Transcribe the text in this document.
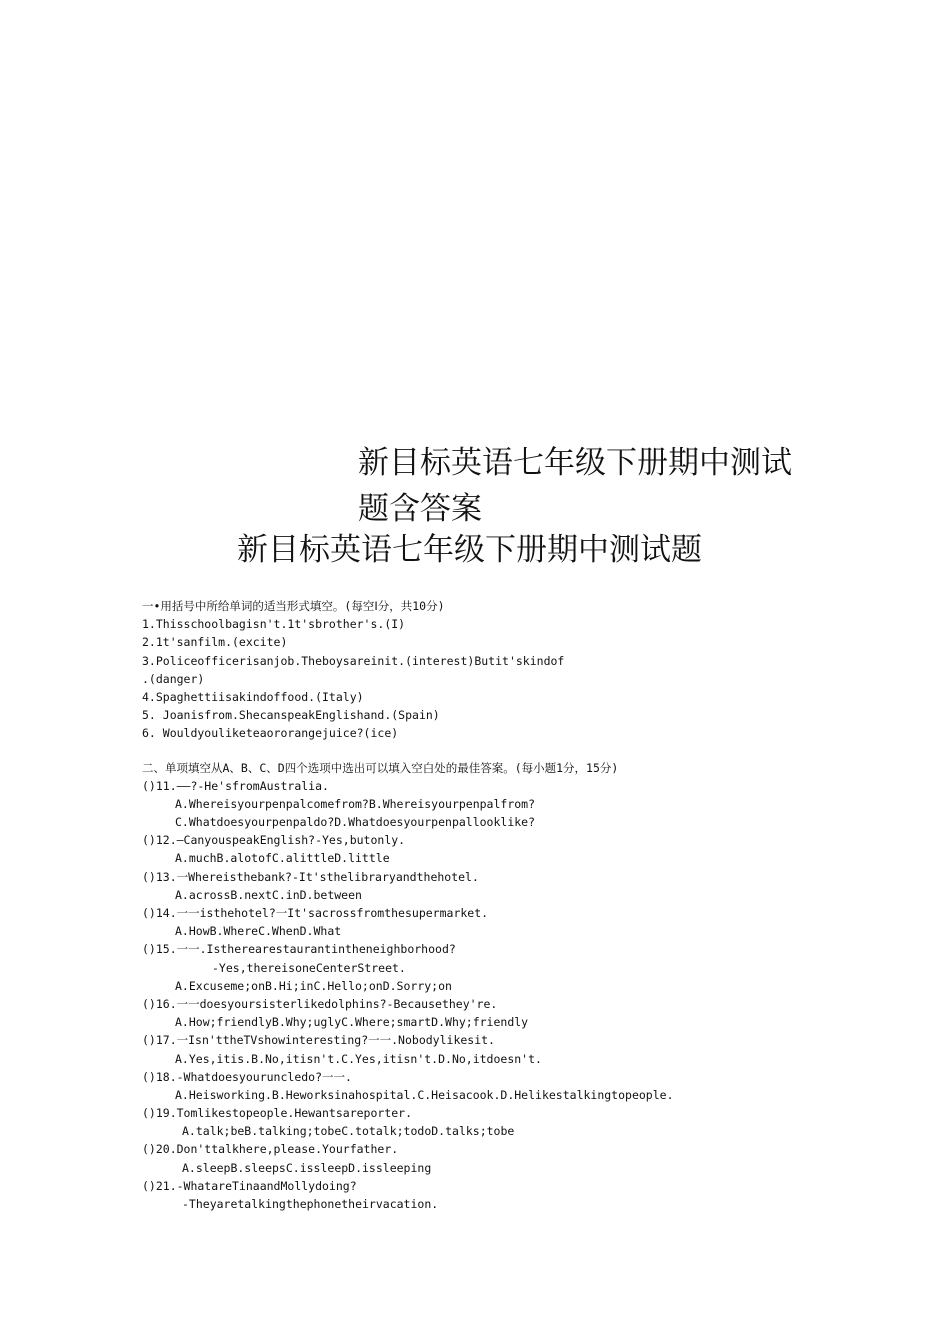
新目标英语七年级下册期中测试
题含答案
新目标英语七年级下册期中测试题
一•用括号中所给单词的适当形式填空。(每空Ⅰ分，共10分)
1.Thisschoolbagisn't.1t'sbrother's.(I)
2.1t'sanfilm.(excite)
3.Policeofficerisanjob.Theboysareinit.(interest)Butit'skindof
.(danger)
4.Spaghettiisakindoffood.(Italy)
5. Joanisfrom.ShecanspeakEnglishand.(Spain)
6. Wouldyouliketeaororangejuice?(ice)
二、单项填空从A、B、C、D四个选项中选出可以填入空白处的最佳答案。(每小题1分，15分)
()11.——?-He'sfromAustralia.
A.Whereisyourpenpalcomefrom?B.Whereisyourpenpalfrom?
C.Whatdoesyourpenpaldo?D.Whatdoesyourpenpallooklike?
()12.—CanyouspeakEnglish?-Yes,butonly.
A.muchB.alotofC.alittleD.little
()13.一Whereisthebank?-It'sthelibraryandthehotel.
A.acrossB.nextC.inD.between
()14.一一isthehotel?一It'sacrossfromthesupermarket.
A.HowB.WhereC.WhenD.What
()15.一一.Istherearestaurantintheneighborhood?
-Yes,thereisoneCenterStreet.
A.Excuseme;onB.Hi;inC.Hello;onD.Sorry;on
()16.一一doesyoursisterlikedolphins?-Becausethey're.
A.How;friendlyB.Why;uglyC.Where;smartD.Why;friendly
()17.一Isn'ttheTVshowinteresting?一一.Nobodylikesit.
A.Yes,itis.B.No,itisn't.C.Yes,itisn't.D.No,itdoesn't.
()18.-Whatdoesyouruncledo?一一.
A.Heisworking.B.Heworksinahospital.C.Heisacook.D.Helikestalkingtopeople.
()19.Tomlikestopeople.Hewantsareporter.
A.talk;beB.talking;tobeC.totalk;todoD.talks;tobe
()20.Don'ttalkhere,please.Yourfather.
A.sleepB.sleepsC.issleepD.issleeping
()21.-WhatareTinaandMollydoing?
-Theyaretalkingthephonetheirvacation.
